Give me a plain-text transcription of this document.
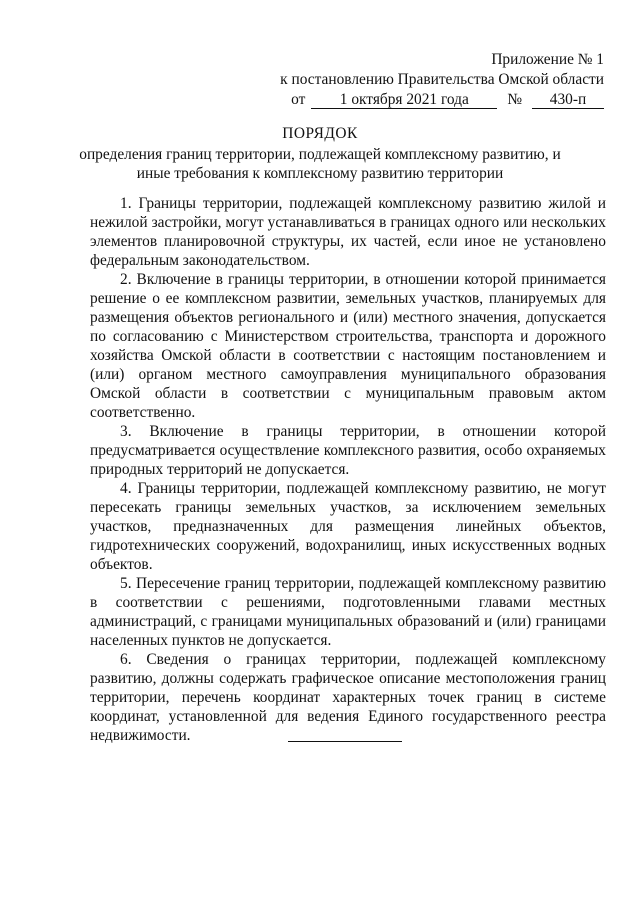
Приложение № 1
к постановлению Правительства Омской области
от 1 октября 2021 года № 430-п
ПОРЯДОК
определения границ территории, подлежащей комплексному развитию, и
иные требования к комплексному развитию территории

1. Границы территории, подлежащей комплексному развитию жилой и нежилой застройки, могут устанавливаться в границах одного или нескольких элементов планировочной структуры, их частей, если иное не установлено федеральным законодательством.

2. Включение в границы территории, в отношении которой принимается решение о ее комплексном развитии, земельных участков, планируемых для размещения объектов регионального и (или) местного значения, допускается по согласованию с Министерством строительства, транспорта и дорожного хозяйства Омской области в соответствии с настоящим постановлением и (или) органом местного самоуправления муниципального образования Омской области в соответствии с муниципальным правовым актом соответственно.

3. Включение в границы территории, в отношении которой предусматривается осуществление комплексного развития, особо охраняемых природных территорий не допускается.

4. Границы территории, подлежащей комплексному развитию, не могут пересекать границы земельных участков, за исключением земельных участков, предназначенных для размещения линейных объектов, гидротехнических сооружений, водохранилищ, иных искусственных водных объектов.

5. Пересечение границ территории, подлежащей комплексному развитию в соответствии с решениями, подготовленными главами местных администраций, с границами муниципальных образований и (или) границами населенных пунктов не допускается.

6. Сведения о границах территории, подлежащей комплексному развитию, должны содержать графическое описание местоположения границ территории, перечень координат характерных точек границ в системе координат, установленной для ведения Единого государственного реестра недвижимости.
